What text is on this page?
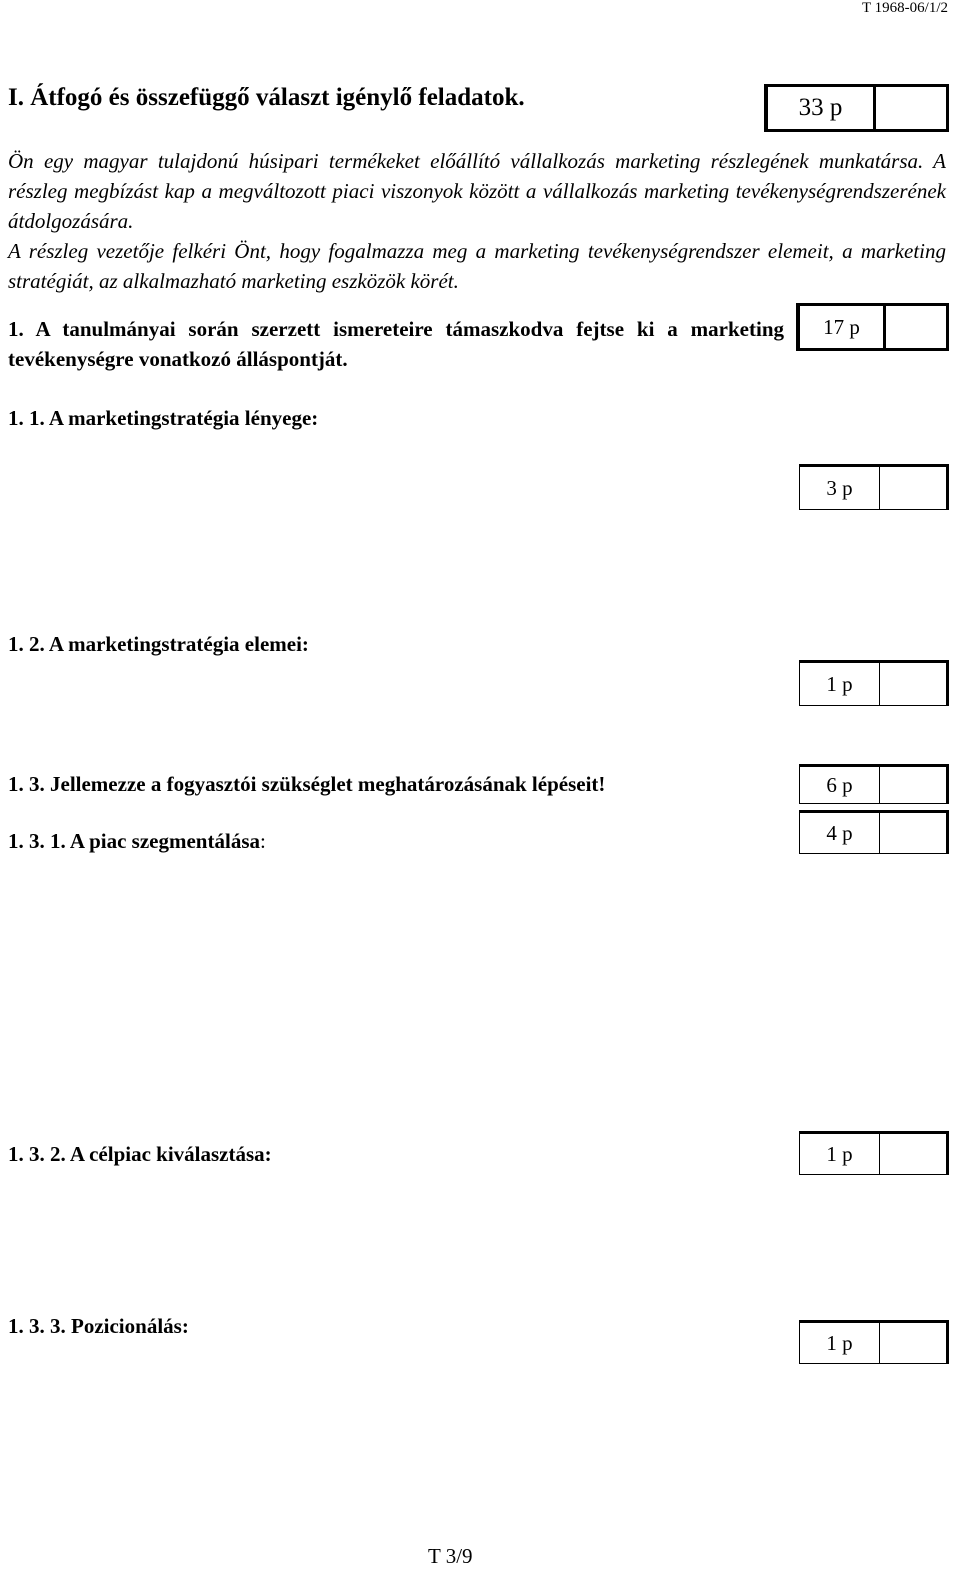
T 1968-06/1/2
I. Átfogó és összefüggő választ igénylő feladatok.	33 p

Ön egy magyar tulajdonú húsipari termékeket előállító vállalkozás marketing részlegének munkatársa. A részleg megbízást kap a megváltozott piaci viszonyok között a vállalkozás marketing tevékenységrendszerének átdolgozására.

A részleg vezetője felkéri Önt, hogy fogalmazza meg a marketing tevékenységrendszer elemeit, a marketing stratégiát, az alkalmazható marketing eszközök körét.

1. A tanulmányai során szerzett ismereteire támaszkodva fejtse ki a marketing tevékenységre vonatkozó álláspontját.
17 p
1. 1. A marketingstratégia lényege:
3 p
1. 2. A marketingstratégia elemei:
1 p
1. 3. Jellemezze a fogyasztói szükséglet meghatározásának lépéseit!	6 p
1. 3. 1. A piac szegmentálása:	4 p
1. 3. 2. A célpiac kiválasztása:	1 p
1. 3. 3. Pozicionálás:
1 p
T 3/9
